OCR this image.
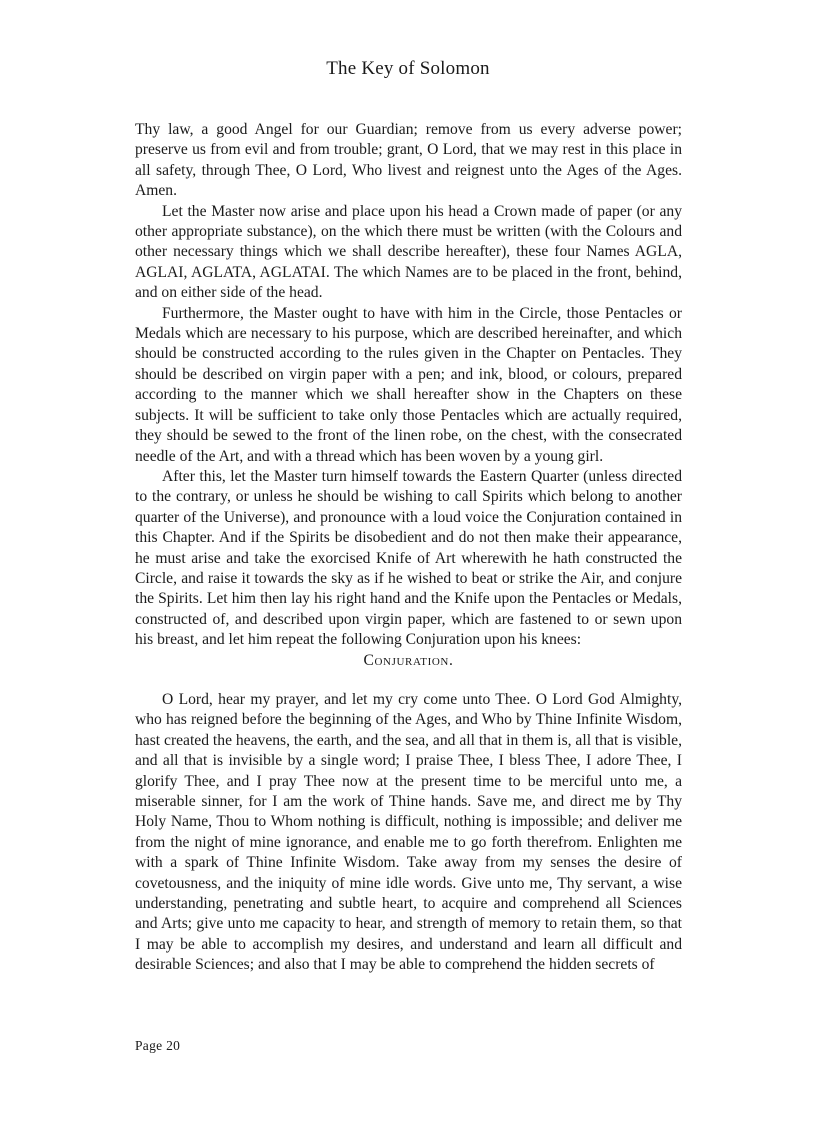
The Key of Solomon

Thy law, a good Angel for our Guardian; remove from us every adverse power; preserve us from evil and from trouble; grant, O Lord, that we may rest in this place in all safety, through Thee, O Lord, Who livest and reignest unto the Ages of the Ages. Amen.

Let the Master now arise and place upon his head a Crown made of paper (or any other appropriate substance), on the which there must be written (with the Colours and other necessary things which we shall describe hereafter), these four Names AGLA, AGLAI, AGLATA, AGLATAI. The which Names are to be placed in the front, behind, and on either side of the head.

Furthermore, the Master ought to have with him in the Circle, those Pentacles or Medals which are necessary to his purpose, which are described hereinafter, and which should be constructed according to the rules given in the Chapter on Pentacles. They should be described on virgin paper with a pen; and ink, blood, or colours, prepared according to the manner which we shall hereafter show in the Chapters on these subjects. It will be sufficient to take only those Pentacles which are actually required, they should be sewed to the front of the linen robe, on the chest, with the consecrated needle of the Art, and with a thread which has been woven by a young girl.

After this, let the Master turn himself towards the Eastern Quarter (unless directed to the contrary, or unless he should be wishing to call Spirits which belong to another quarter of the Universe), and pronounce with a loud voice the Conjuration contained in this Chapter. And if the Spirits be disobedient and do not then make their appearance, he must arise and take the exorcised Knife of Art wherewith he hath constructed the Circle, and raise it towards the sky as if he wished to beat or strike the Air, and conjure the Spirits. Let him then lay his right hand and the Knife upon the Pentacles or Medals, constructed of, and described upon virgin paper, which are fastened to or sewn upon his breast, and let him repeat the following Conjuration upon his knees:

Conjuration.

O Lord, hear my prayer, and let my cry come unto Thee. O Lord God Almighty, who has reigned before the beginning of the Ages, and Who by Thine Infinite Wisdom, hast created the heavens, the earth, and the sea, and all that in them is, all that is visible, and all that is invisible by a single word; I praise Thee, I bless Thee, I adore Thee, I glorify Thee, and I pray Thee now at the present time to be merciful unto me, a miserable sinner, for I am the work of Thine hands. Save me, and direct me by Thy Holy Name, Thou to Whom nothing is difficult, nothing is impossible; and deliver me from the night of mine ignorance, and enable me to go forth therefrom. Enlighten me with a spark of Thine Infinite Wisdom. Take away from my senses the desire of covetousness, and the iniquity of mine idle words. Give unto me, Thy servant, a wise understanding, penetrating and subtle heart, to acquire and comprehend all Sciences and Arts; give unto me capacity to hear, and strength of memory to retain them, so that I may be able to accomplish my desires, and understand and learn all difficult and desirable Sciences; and also that I may be able to comprehend the hidden secrets of

Page 20
